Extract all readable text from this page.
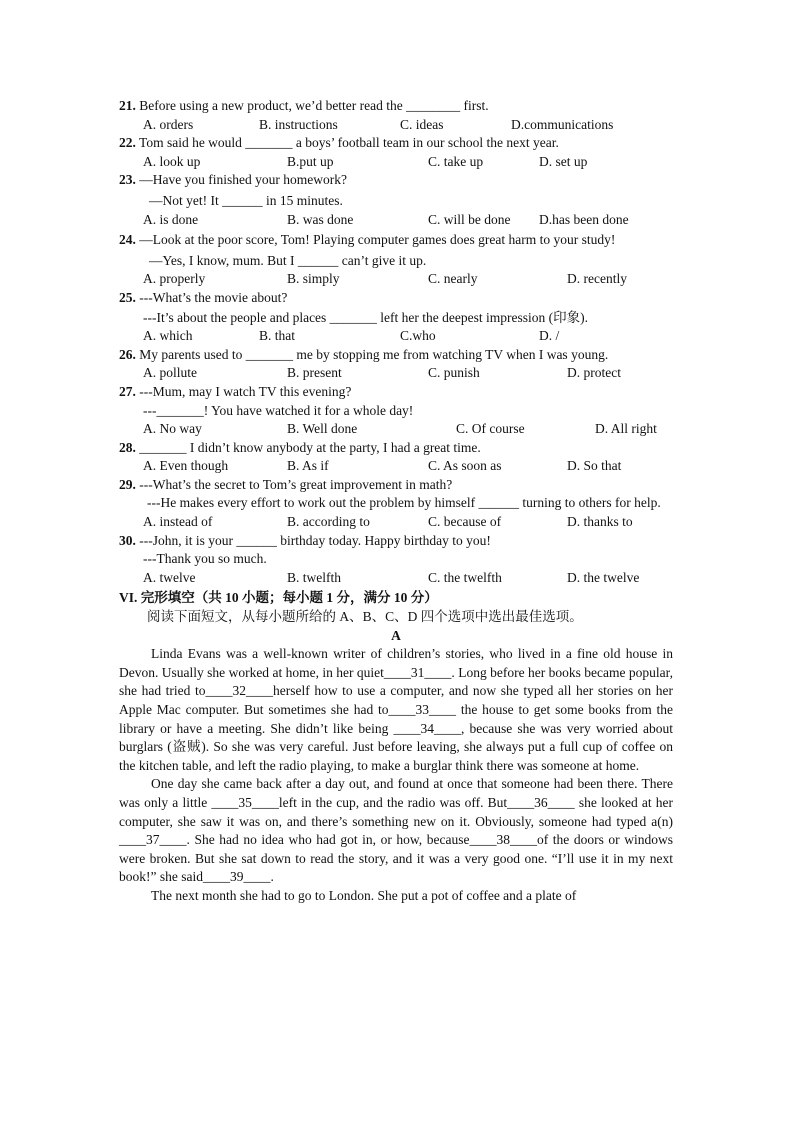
21. Before using a new product, we’d better read the ________ first.
A. orders	B. instructions	C. ideas	D.communications
22. Tom said he would _______ a boys’ football team in our school the next year.
A. look up	B.put up	C. take up	D. set up
23. —Have you finished your homework?
—Not yet! It ______ in 15 minutes.
A. is done	B. was done	C. will be done D.has been done
24. —Look at the poor score, Tom! Playing computer games does great harm to your study!
—Yes, I know, mum. But I ______ can’t give it up.
A. properly	B. simply	C. nearly	D. recently
25. ---What’s the movie about?
---It’s about the people and places _______ left her the deepest impression (印象).
A. which	B. that	C.who	D. /
26. My parents used to _______ me by stopping me from watching TV when I was young.
A. pollute	B. present	C. punish	D. protect
27. ---Mum, may I watch TV this evening?
---_______! You have watched it for a whole day!
A. No way	B. Well done	C. Of course	D. All right
28. _______ I didn’t know anybody at the party, I had a great time.
A. Even though	B. As if	C. As soon as	D. So that
29. ---What’s the secret to Tom’s great improvement in math?
---He makes every effort to work out the problem by himself ______ turning to others for help.
A. instead of	B. according to	C. because of	D. thanks to
30. ---John, it is your ______ birthday today. Happy birthday to you!
---Thank you so much.
A. twelve	B. twelfth	C. the twelfth	D. the twelve
VI. 完形填空（共 10 小题；每小题 1 分，满分 10 分）
阅读下面短文，从每小题所给的 A、B、C、D 四个选项中选出最佳选项。
A
Linda Evans was a well-known writer of children’s stories, who lived in a fine old house in Devon. Usually she worked at home, in her quiet____31____. Long before her books became popular, she had tried to____32____herself how to use a computer, and now she typed all her stories on her Apple Mac computer. But sometimes she had to____33____ the house to get some books from the library or have a meeting. She didn’t like being ____34____, because she was very worried about burglars (盗贼). So she was very careful. Just before leaving, she always put a full cup of coffee on the kitchen table, and left the radio playing, to make a burglar think there was someone at home.
One day she came back after a day out, and found at once that someone had been there. There was only a little ____35____left in the cup, and the radio was off. But____36____ she looked at her computer, she saw it was on, and there’s something new on it. Obviously, someone had typed a(n) ____37____. She had no idea who had got in, or how, because____38____of the doors or windows were broken. But she sat down to read the story, and it was a very good one. “I’ll use it in my next book!” she said____39____.
The next month she had to go to London. She put a pot of coffee and a plate of
